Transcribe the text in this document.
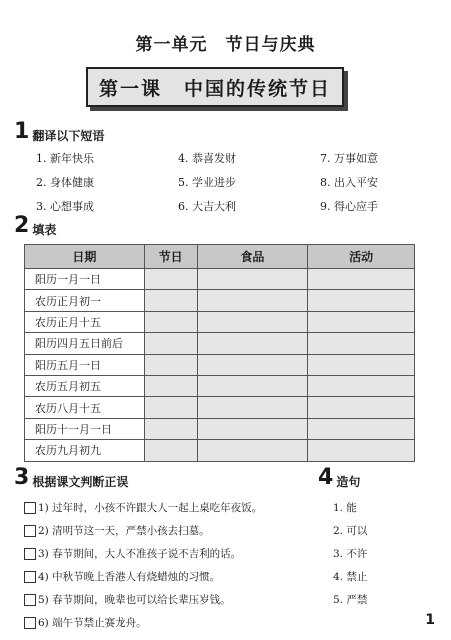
第一单元　节日与庆典
第一课 中国的传统节日
1 翻译以下短语
1. 新年快乐	4. 恭喜发财	7. 万事如意
2. 身体健康	5. 学业进步	8. 出入平安
3. 心想事成	6. 大吉大利	9. 得心应手
2 填表
日期	节日	食品	活动
阳历一月一日			
农历正月初一			
农历正月十五			
阳历四月五日前后			
阳历五月一日			
农历五月初五			
农历八月十五			
阳历十一月一日			
农历九月初九			
3 根据课文判断正误
1) 过年时，小孩不许跟大人一起上桌吃年夜饭。
2) 清明节这一天，严禁小孩去扫墓。
3) 春节期间，大人不准孩子说不吉利的话。
4) 中秋节晚上香港人有烧蜡烛的习惯。
5) 春节期间，晚辈也可以给长辈压岁钱。
6) 端午节禁止赛龙舟。
4 造句
1. 能
2. 可以
3. 不许
4. 禁止
5. 严禁
1
